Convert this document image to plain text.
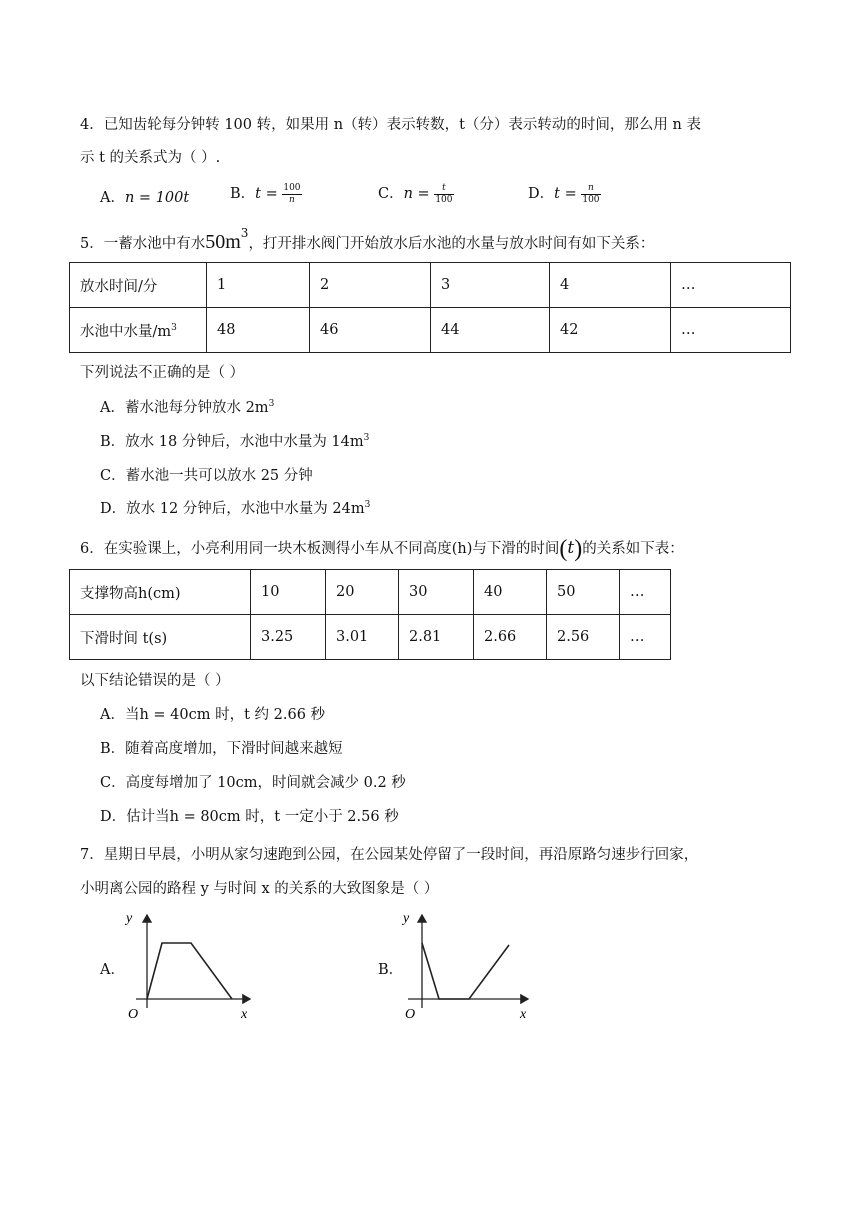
4．已知齿轮每分钟转 100 转，如果用 n（转）表示转数，t（分）表示转动的时间，那么用 n 表
示 t 的关系式为（ ）.
A．n = 100t	B．$t = \frac{100}{n}$	C．$n = \frac{t}{100}$	D．$t = \frac{n}{100}$
5．一蓄水池中有水$50m^3$，打开排水阀门开始放水后水池的水量与放水时间有如下关系：
放水时间/分	1	2	3	4	…
水池中水量$/m^3$	48	46	44	42	…
下列说法不正确的是（ ）
A．蓄水池每分钟放水 $2m^3$
B．放水 18 分钟后，水池中水量为 $14m^3$
C．蓄水池一共可以放水 25 分钟
D．放水 12 分钟后，水池中水量为 $24m^3$
6．在实验课上，小亮利用同一块木板测得小车从不同高度(h)与下滑的时间(t)的关系如下表：
支撑物高h(cm)	10	20	30	40	50	…
下滑时间 t(s)	3.25	3.01	2.81	2.66	2.56	…
以下结论错误的是（ ）
A．当h = 40cm 时，t 约 2.66 秒
B．随着高度增加，下滑时间越来越短
C．高度每增加了 10cm，时间就会减少 0.2 秒
D．估计当h = 80cm 时，t 一定小于 2.56 秒
7．星期日早晨，小明从家匀速跑到公园，在公园某处停留了一段时间，再沿原路匀速步行回家，
小明离公园的路程 y 与时间 x 的关系的大致图象是（ ）
A．
y
x
O
B．
y
x
O
